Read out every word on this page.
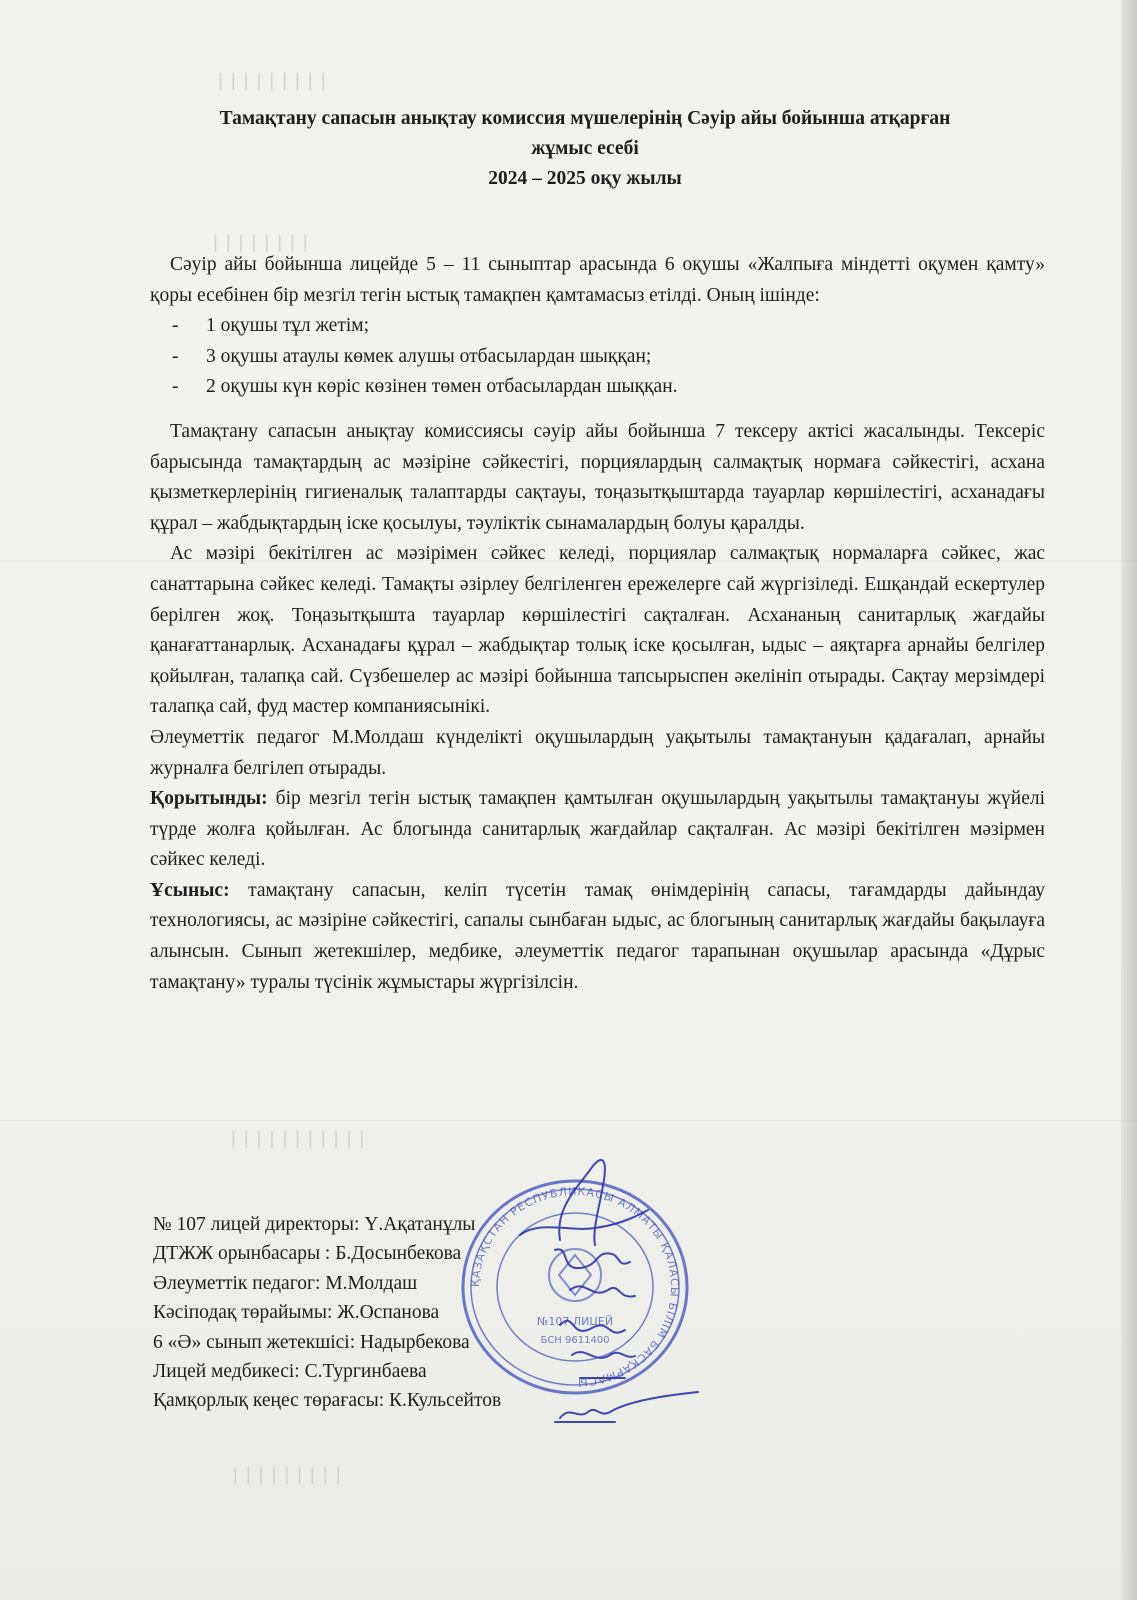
|||||||||
||||||||
|||||||||||
|||||||||
Тамақтану сапасын анықтау комиссия мүшелерінің Сәуір айы бойынша атқарған
жұмыс есебі
2024 – 2025 оқу жылы

Сәуір айы бойынша лицейде 5 – 11 сыныптар арасында 6 оқушы «Жалпыға міндетті оқумен қамту» қоры есебінен бір мезгіл тегін ыстық тамақпен қамтамасыз етілді. Оның ішінде:

- 1 оқушы тұл жетім;
- 3 оқушы атаулы көмек алушы отбасылардан шыққан;
- 2 оқушы күн көріс көзінен төмен отбасылардан шыққан.

Тамақтану сапасын анықтау комиссиясы сәуір айы бойынша 7 тексеру актісі жасалынды. Тексеріс барысында тамақтардың ас мәзіріне сәйкестігі, порциялардың салмақтық нормаға сәйкестігі, асхана қызметкерлерінің гигиеналық талаптарды сақтауы, тоңазытқыштарда тауарлар көршілестігі, асханадағы құрал – жабдықтардың іске қосылуы, тәуліктік сынамалардың болуы қаралды.

Ас мәзірі бекітілген ас мәзірімен сәйкес келеді, порциялар салмақтық нормаларға сәйкес, жас санаттарына сәйкес келеді. Тамақты әзірлеу белгіленген ережелерге сай жүргізіледі. Ешқандай ескертулер берілген жоқ. Тоңазытқышта тауарлар көршілестігі сақталған. Асхананың санитарлық жағдайы қанағаттанарлық. Асханадағы құрал – жабдықтар толық іске қосылған, ыдыс – аяқтарға арнайы белгілер қойылған, талапқа сай. Сүзбешелер ас мәзірі бойынша тапсырыспен әкелініп отырады. Сақтау мерзімдері талапқа сай, фуд мастер компаниясынікі.

Әлеуметтік педагог М.Молдаш күнделікті оқушылардың уақытылы тамақтануын қадағалап, арнайы журналға белгілеп отырады.

Қорытынды: бір мезгіл тегін ыстық тамақпен қамтылған оқушылардың уақытылы тамақтануы жүйелі түрде жолға қойылған. Ас блогында санитарлық жағдайлар сақталған. Ас мәзірі бекітілген мәзірмен сәйкес келеді.

Ұсыныс: тамақтану сапасын, келіп түсетін тамақ өнімдерінің сапасы, тағамдарды дайындау технологиясы, ас мәзіріне сәйкестігі, сапалы сынбаған ыдыс, ас блогының санитарлық жағдайы бақылауға алынсын. Сынып жетекшілер, медбике, әлеуметтік педагог тарапынан оқушылар арасында «Дұрыс тамақтану» туралы түсінік жұмыстары жүргізілсін.

ҚАЗАҚСТАН РЕСПУБЛИКАСЫ АЛМАТЫ ҚАЛАСЫ БІЛІМ БАСҚАРМАСЫ
№107 ЛИЦЕЙ
БСН 9611400
№ 107 лицей директоры: Ү.Ақатанұлы
ДТЖЖ орынбасары : Б.Досынбекова
Әлеуметтік педагог: М.Молдаш
Кәсіподақ төрайымы: Ж.Оспанова
6 «Ә» сынып жетекшісі: Надырбекова
Лицей медбикесі: С.Тургинбаева
Қамқорлық кеңес төрағасы: К.Кульсейтов
